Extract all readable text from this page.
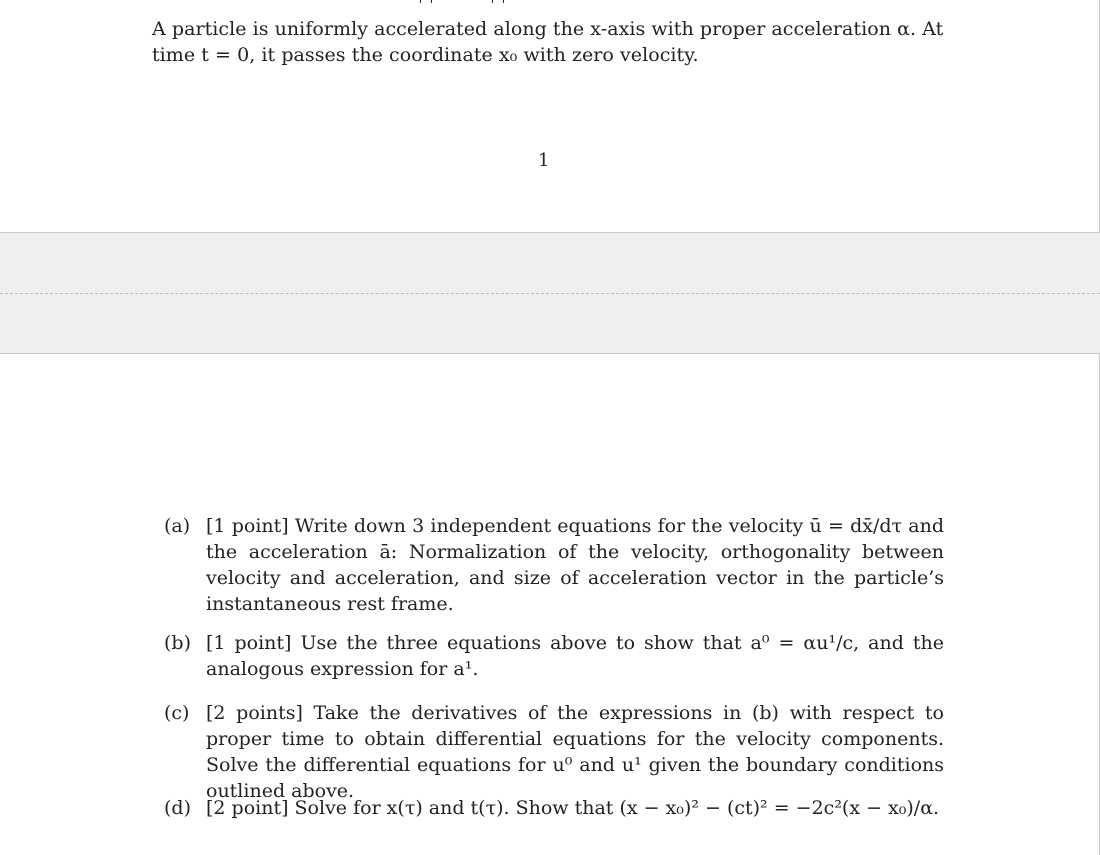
A particle is uniformly accelerated along the x-axis with proper acceleration α. At time t = 0, it passes the coordinate x₀ with zero velocity.

1
(a) [1 point] Write down 3 independent equations for the velocity ū = dx̄/dτ and the acceleration ā: Normalization of the velocity, orthogonality between velocity and acceleration, and size of acceleration vector in the particle’s instantaneous rest frame.
(b) [1 point] Use the three equations above to show that a⁰ = αu¹/c, and the analogous expression for a¹.
(c) [2 points] Take the derivatives of the expressions in (b) with respect to proper time to obtain differential equations for the velocity components. Solve the differential equations for u⁰ and u¹ given the boundary conditions outlined above.
(d) [2 point] Solve for x(τ) and t(τ). Show that (x − x₀)² − (ct)² = −2c²(x − x₀)/α.
